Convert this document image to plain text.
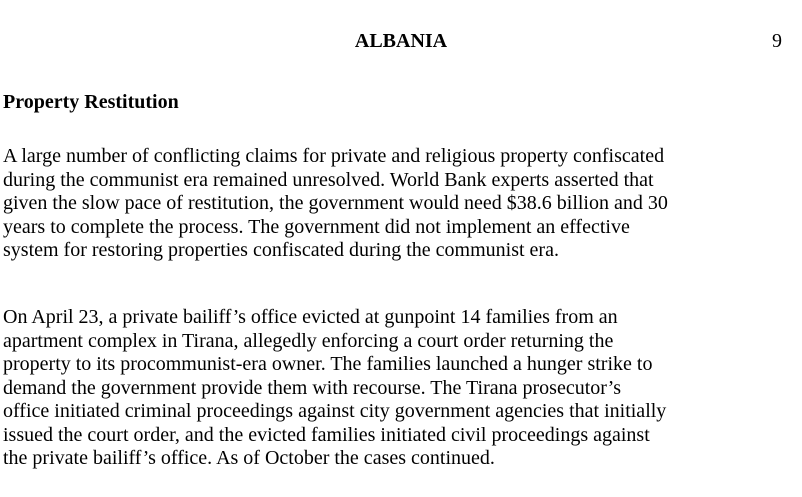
ALBANIA	9
Property Restitution

A large number of conflicting claims for private and religious property confiscated
during the communist era remained unresolved. World Bank experts asserted that
given the slow pace of restitution, the government would need $38.6 billion and 30
years to complete the process. The government did not implement an effective
system for restoring properties confiscated during the communist era.

On April 23, a private bailiff’s office evicted at gunpoint 14 families from an
apartment complex in Tirana, allegedly enforcing a court order returning the
property to its procommunist-era owner. The families launched a hunger strike to
demand the government provide them with recourse. The Tirana prosecutor’s
office initiated criminal proceedings against city government agencies that initially
issued the court order, and the evicted families initiated civil proceedings against
the private bailiff’s office. As of October the cases continued.
